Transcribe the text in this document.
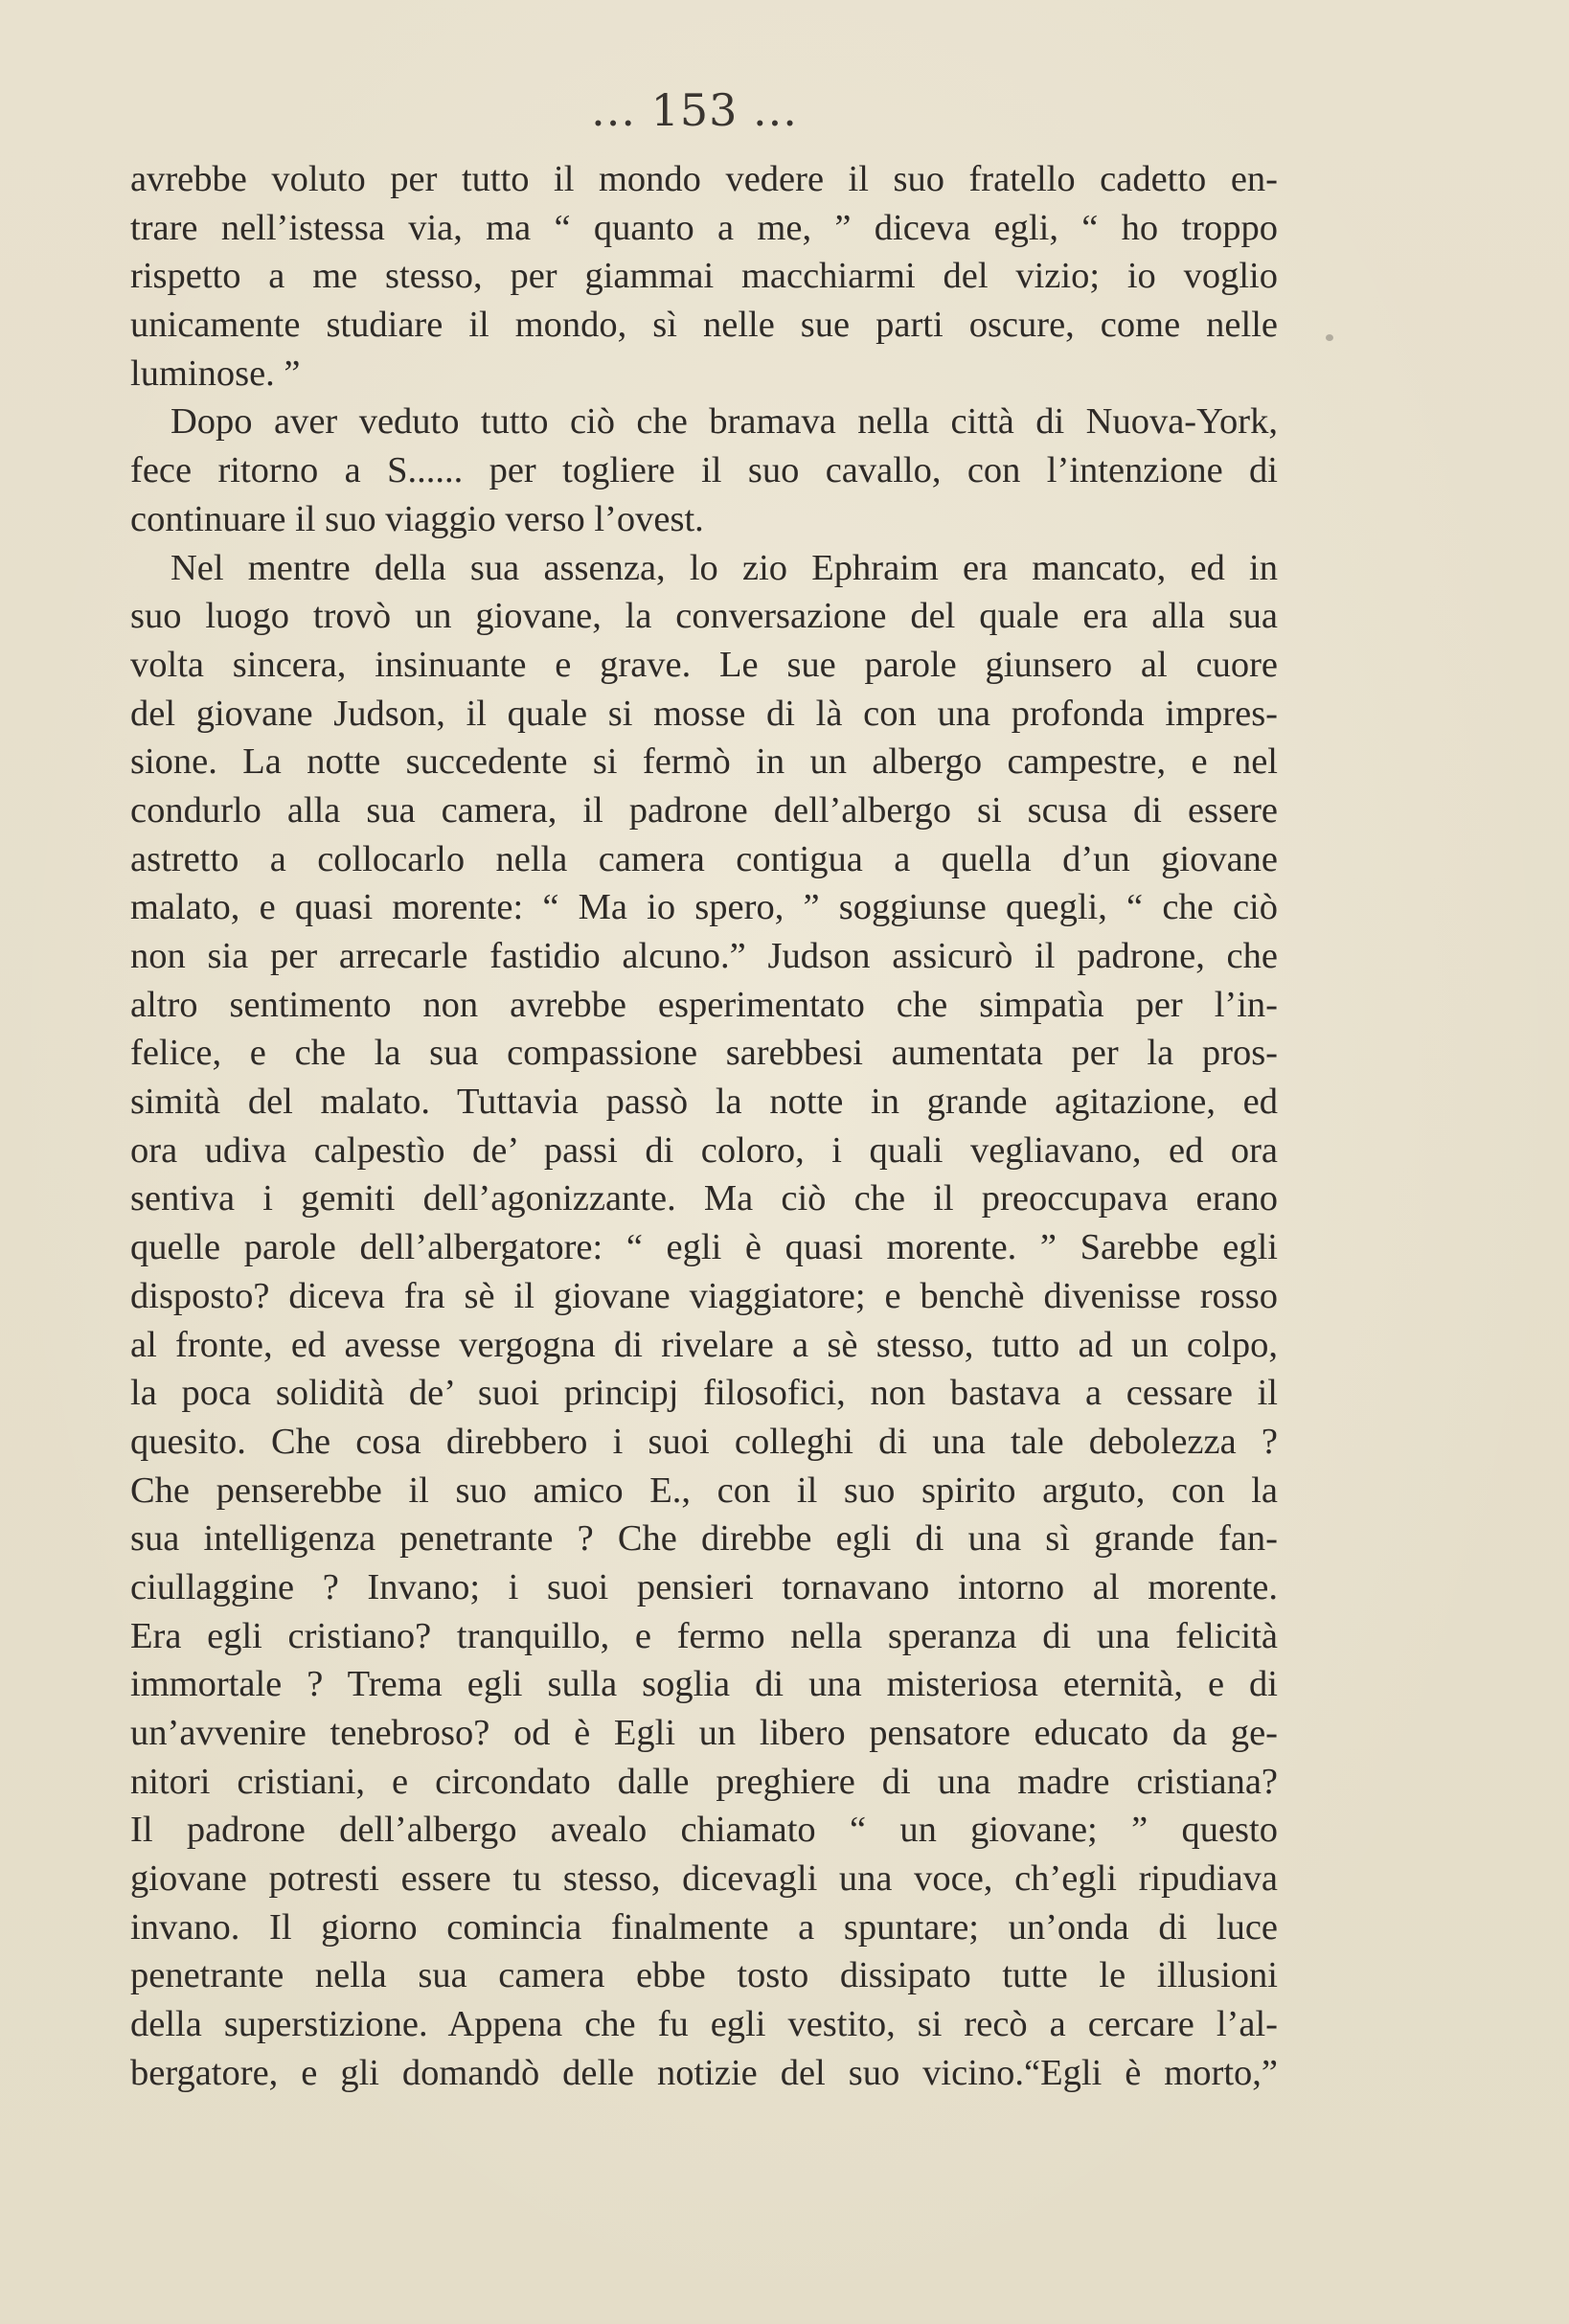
... 153 ...
avrebbe voluto per tutto il mondo vedere il suo fratello cadetto en-
trare nell’istessa via, ma “ quanto a me, ” diceva egli, “ ho troppo
rispetto a me stesso, per giammai macchiarmi del vizio; io voglio
unicamente studiare il mondo, sì nelle sue parti oscure, come nelle
luminose. ”
Dopo aver veduto tutto ciò che bramava nella città di Nuova-York,
fece ritorno a S...... per togliere il suo cavallo, con l’intenzione di
continuare il suo viaggio verso l’ovest.
Nel mentre della sua assenza, lo zio Ephraim era mancato, ed in
suo luogo trovò un giovane, la conversazione del quale era alla sua
volta sincera, insinuante e grave. Le sue parole giunsero al cuore
del giovane Judson, il quale si mosse di là con una profonda impres-
sione. La notte succedente si fermò in un albergo campestre, e nel
condurlo alla sua camera, il padrone dell’albergo si scusa di essere
astretto a collocarlo nella camera contigua a quella d’un giovane
malato, e quasi morente: “ Ma io spero, ” soggiunse quegli, “ che ciò
non sia per arrecarle fastidio alcuno.” Judson assicurò il padrone, che
altro sentimento non avrebbe esperimentato che simpatìa per l’in-
felice, e che la sua compassione sarebbesi aumentata per la pros-
simità del malato. Tuttavia passò la notte in grande agitazione, ed
ora udiva calpestìo de’ passi di coloro, i quali vegliavano, ed ora
sentiva i gemiti dell’agonizzante. Ma ciò che il preoccupava erano
quelle parole dell’albergatore: “ egli è quasi morente. ” Sarebbe egli
disposto? diceva fra sè il giovane viaggiatore; e benchè divenisse rosso
al fronte, ed avesse vergogna di rivelare a sè stesso, tutto ad un colpo,
la poca solidità de’ suoi principj filosofici, non bastava a cessare il
quesito. Che cosa direbbero i suoi colleghi di una tale debolezza ?
Che penserebbe il suo amico E., con il suo spirito arguto, con la
sua intelligenza penetrante ? Che direbbe egli di una sì grande fan-
ciullaggine ? Invano; i suoi pensieri tornavano intorno al morente.
Era egli cristiano? tranquillo, e fermo nella speranza di una felicità
immortale ? Trema egli sulla soglia di una misteriosa eternità, e di
un’avvenire tenebroso? od è Egli un libero pensatore educato da ge-
nitori cristiani, e circondato dalle preghiere di una madre cristiana?
Il padrone dell’albergo avealo chiamato “ un giovane; ” questo
giovane potresti essere tu stesso, dicevagli una voce, ch’egli ripudiava
invano. Il giorno comincia finalmente a spuntare; un’onda di luce
penetrante nella sua camera ebbe tosto dissipato tutte le illusioni
della superstizione. Appena che fu egli vestito, si recò a cercare l’al-
bergatore, e gli domandò delle notizie del suo vicino.“Egli è morto,”
